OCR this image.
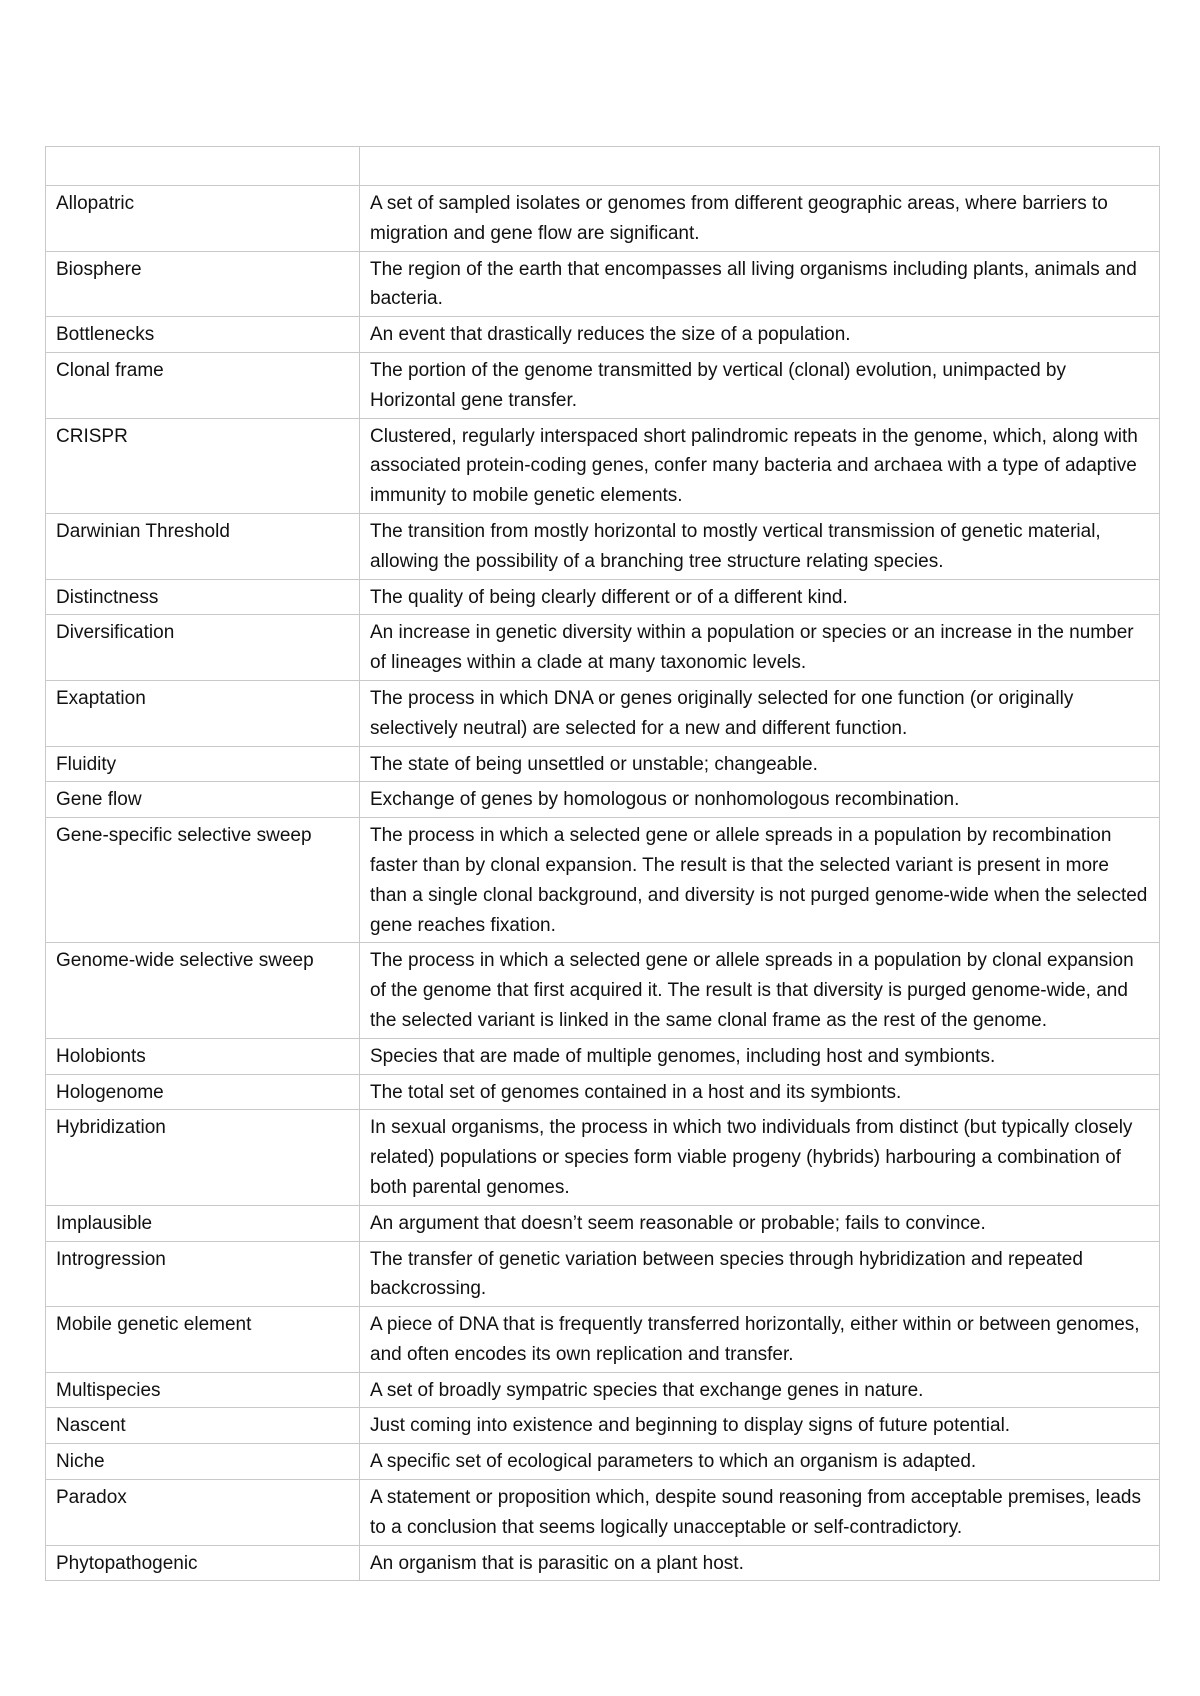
Allopatric	A set of sampled isolates or genomes from different geographic areas, where barriers to migration and gene flow are significant.
Biosphere	The region of the earth that encompasses all living organisms including plants, animals and bacteria.
Bottlenecks	An event that drastically reduces the size of a population.
Clonal frame	The portion of the genome transmitted by vertical (clonal) evolution, unimpacted by Horizontal gene transfer.
CRISPR	Clustered, regularly interspaced short palindromic repeats in the genome, which, along with associated protein-coding genes, confer many bacteria and archaea with a type of adaptive immunity to mobile genetic elements.
Darwinian Threshold	The transition from mostly horizontal to mostly vertical transmission of genetic material, allowing the possibility of a branching tree structure relating species.
Distinctness	The quality of being clearly different or of a different kind.
Diversification	An increase in genetic diversity within a population or species or an increase in the number of lineages within a clade at many taxonomic levels.
Exaptation	The process in which DNA or genes originally selected for one function (or originally selectively neutral) are selected for a new and different function.
Fluidity	The state of being unsettled or unstable; changeable.
Gene flow	Exchange of genes by homologous or nonhomologous recombination.
Gene-specific selective sweep	The process in which a selected gene or allele spreads in a population by recombination faster than by clonal expansion. The result is that the selected variant is present in more than a single clonal background, and diversity is not purged genome-wide when the selected gene reaches fixation.
Genome-wide selective sweep	The process in which a selected gene or allele spreads in a population by clonal expansion of the genome that first acquired it. The result is that diversity is purged genome-wide, and the selected variant is linked in the same clonal frame as the rest of the genome.
Holobionts	Species that are made of multiple genomes, including host and symbionts.
Hologenome	The total set of genomes contained in a host and its symbionts.
Hybridization	In sexual organisms, the process in which two individuals from distinct (but typically closely related) populations or species form viable progeny (hybrids) harbouring a combination of both parental genomes.
Implausible	An argument that doesn’t seem reasonable or probable; fails to convince.
Introgression	The transfer of genetic variation between species through hybridization and repeated backcrossing.
Mobile genetic element	A piece of DNA that is frequently transferred horizontally, either within or between genomes, and often encodes its own replication and transfer.
Multispecies	A set of broadly sympatric species that exchange genes in nature.
Nascent	Just coming into existence and beginning to display signs of future potential.
Niche	A specific set of ecological parameters to which an organism is adapted.
Paradox	A statement or proposition which, despite sound reasoning from acceptable premises, leads to a conclusion that seems logically unacceptable or self-contradictory.
Phytopathogenic	An organism that is parasitic on a plant host.
